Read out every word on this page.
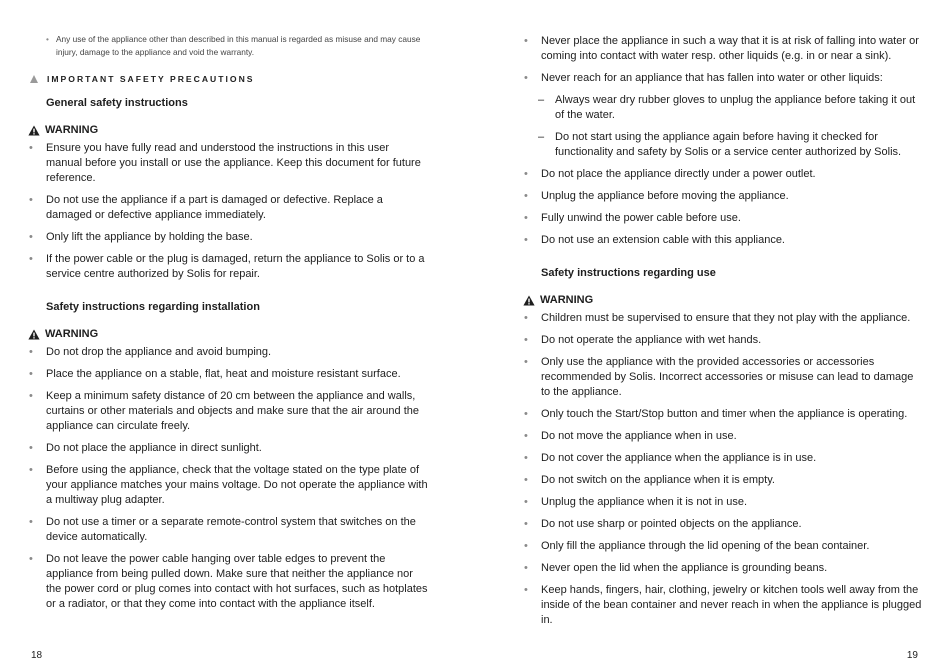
• Any use of the appliance other than described in this manual is regarded as misuse and may cause injury, damage to the appliance and void the warranty.

IMPORTANT SAFETY PRECAUTIONS
General safety instructions
WARNING
• Ensure you have fully read and understood the instructions in this user manual before you install or use the appliance. Keep this document for future reference.
• Do not use the appliance if a part is damaged or defective. Replace a damaged or defective appliance immediately.
• Only lift the appliance by holding the base.
• If the power cable or the plug is damaged, return the appliance to Solis or to a service centre authorized by Solis for repair.
Safety instructions regarding installation
WARNING
• Do not drop the appliance and avoid bumping.
• Place the appliance on a stable, flat, heat and moisture resistant surface.
• Keep a minimum safety distance of 20 cm between the appliance and walls, curtains or other materials and objects and make sure that the air around the appliance can circulate freely.
• Do not place the appliance in direct sunlight.
• Before using the appliance, check that the voltage stated on the type plate of your appliance matches your mains voltage. Do not operate the appliance with a multiway plug adapter.
• Do not use a timer or a separate remote-control system that switches on the device automatically.
• Do not leave the power cable hanging over table edges to prevent the appliance from being pulled down. Make sure that neither the appliance nor the power cord or plug comes into contact with hot surfaces, such as hotplates or a radiator, or that they come into contact with the appliance itself.
18
• Never place the appliance in such a way that it is at risk of falling into water or coming into contact with water resp. other liquids (e.g. in or near a sink).
• Never reach for an appliance that has fallen into water or other liquids:
– Always wear dry rubber gloves to unplug the appliance before taking it out of the water.
– Do not start using the appliance again before having it checked for functionality and safety by Solis or a service center authorized by Solis.
• Do not place the appliance directly under a power outlet.
• Unplug the appliance before moving the appliance.
• Fully unwind the power cable before use.
• Do not use an extension cable with this appliance.
Safety instructions regarding use
WARNING
• Children must be supervised to ensure that they not play with the appliance.
• Do not operate the appliance with wet hands.
• Only use the appliance with the provided accessories or accessories recommended by Solis. Incorrect accessories or misuse can lead to damage to the appliance.
• Only touch the Start/Stop button and timer when the appliance is operating.
• Do not move the appliance when in use.
• Do not cover the appliance when the appliance is in use.
• Do not switch on the appliance when it is empty.
• Unplug the appliance when it is not in use.
• Do not use sharp or pointed objects on the appliance.
• Only fill the appliance through the lid opening of the bean container.
• Never open the lid when the appliance is grounding beans.
• Keep hands, fingers, hair, clothing, jewelry or kitchen tools well away from the inside of the bean container and never reach in when the appliance is plugged in.
19
